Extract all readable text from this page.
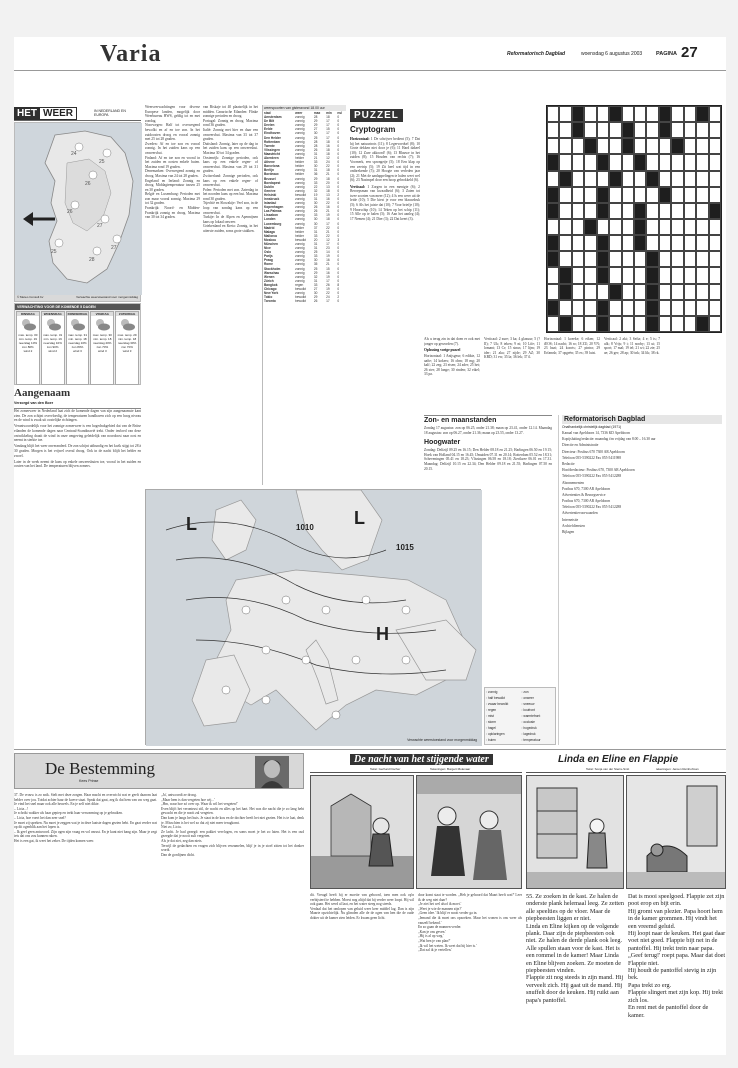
Varia	Reformatorisch Dagblad	woensdag 6 augustus 2003	PAGINA 27
HET WEER	IN NEDERLAND EN EUROPA
24
25
26
26
27
28
27
25
© Meteo Consult bv	Verwachte weerstoestand voor morgenmiddag
VERWACHTING VOOR DE KOMENDE 5 DAGEN
DINSDAG
max. temp. 30
min. temp. 19
neerslag 10%
zon 80%
wind 2
WOENSDAG
max. temp. 31
min. temp. 19
neerslag 10%
zon 90%
wind 2
DONDERDAG
max. temp. 31
min. temp. 18
neerslag 10%
zon 80%
wind 3
VRIJDAG
max. temp. 30
min. temp. 18
neerslag 20%
zon 70%
wind 3
ZATERDAG
max. temp. 29
min. temp. 18
neerslag 30%
zon 70%
wind 3
Aangenaam
Verzorgd van den Boer

Het zomerweer in Nederland laat zich de komende dagen van zijn aangenaamste kant zien. De zon schijnt overvloedig, de temperaturen handhaven zich op een hoog niveau en de wind is zwak uit oostelijke richtingen.

Verantwoordelijk voor het zonnige zomerweer is een hogedrukgebied dat van de Britse eilanden de komende dagen naar Centraal-Scandinavië trekt. Onder invloed van deze ontwikkeling draait de wind in onze omgeving geleidelijk van noordoost naar oost en neemt in sterkte toe.

Vandaag blijft het weer onveranderd. De zon schijnt uitbundig en het kwik stijgt tot 28 à 30 graden. Morgen is het vrijwel overal droog. Ook in de nacht blijft het helder en zwoel.

Later in de week neemt de kans op enkele onweersbuien toe, vooral in het zuiden en oosten van het land. De temperaturen blijven zomers.

Weersverwachtingen voor diverse Europese landen, mogelijk door Weerbureau HWS, geldig tot en met zondag.
Noorwegen: Half tot overwegend bewolkt en af en toe zon. In het zuidoosten droog en vooral zonnig met 25 tot 28 graden.
Zweden: Af en toe zon en vooral zonnig. In het zuiden kans op een onweersbui.
Finland: Af en toe zon en vooral in het zuiden en oosten enkele buien. Maxima rond 19 graden.
Denemarken: Overwegend zonnig en droog. Maxima van 24 tot 28 graden.
Engeland en Ierland: Zonnig en droog. Middagtemperatuur tussen 25 en 30 graden.
België en Luxemburg: Perioden met zon maar vooral zonnig. Maxima 29 tot 32 graden.
Frankrijk: Noord- en Midden-Frankrijk zonnig en droog. Maxima van 30 tot 34 graden.
van Biskaje tot 40 plaatselijk in het midden. Canarische Eilanden: Flinke zonnige perioden en droog.
Portugal: Zonnig en droog. Maxima rond 36 graden.
Italië: Zonnig met hier en daar een onweersbui. Maxima van 33 tot 37 graden.
Duitsland: Zonnig, later op de dag in het zuiden kans op een onweersbui. Maxima 30 tot 34 graden.
Oostenrijk: Zonnige perioden, ook kans op een enkele regen- of onweersbui. Maxima van 29 tot 31 graden.
Zwitserland: Zonnige perioden, ook kans op een enkele regen- of onweersbui.
Polen: Perioden met zon. Zaterdag in het noorden kans op een bui. Maxima rond 30 graden.
Tsjechië en Slowakije: Veel zon, in de loop van zondag kans op een onweersbui.
Turkije: In de Alpen en Apennijnen kans op lokaal onweer.
Griekenland en Kreta: Zonnig, in het uiterste zuiden, soms grote stukken.
weerspoorten van gisteravond 18.00 uur
stad	weer	max	min	nsl
Amsterdam	zonnig	28	18	0
De Bilt	zonnig	29	17	0
Deelen	zonnig	29	17	0
Eelde	zonnig	27	15	0
Eindhoven	zonnig	30	17	0
Den Helder	zonnig	25	17	0
Rotterdam	zonnig	28	18	0
Twente	zonnig	28	16	0
Vlissingen	zonnig	26	18	0
Maastricht	zonnig	31	18	0
Aberdeen	helder	21	12	0
Athene	helder	33	24	0
Barcelona	helder	30	22	0
Berlijn	zonnig	31	18	0
Bordeaux	helder	36	21	0
Brussel	zonnig	29	18	0
Boedapest	zonnig	33	20	0
Dublin	zonnig	22	13	0
Genève	zonnig	32	18	0
Helsinki	bewolkt	19	13	2
Innsbruck	zonnig	31	16	0
Istanbul	zonnig	30	22	0
Kopenhagen	zonnig	26	16	0
Las Palmas	zonnig	26	21	0
Lissabon	zonnig	33	19	0
Londen	zonnig	30	18	0
Luxemburg	zonnig	30	17	0
Madrid	helder	37	22	0
Malaga	helder	31	21	0
Mallorca	helder	33	22	0
Moskou	bewolkt	20	12	3
München	zonnig	31	17	0
Nice	zonnig	31	23	0
Oslo	zonnig	25	14	0
Parijs	zonnig	33	19	0
Praag	zonnig	30	16	0
Rome	zonnig	35	21	0
Stockholm	zonnig	25	15	0
Warschau	zonnig	29	16	0
Wenen	zonnig	32	19	0
Zürich	zonnig	31	17	0
Bangkok	regen	33	26	8
Chicago	bewolkt	27	19	0
New York	zonnig	30	22	0
Tokio	bewolkt	29	24	2
Toronto	bewolkt	26	17	0
L	L
H
1010
1015
Verwachte weerstoestand voor morgenmiddag
◦ zonnig	◦ zon
◦ half bewolkt	◦ onweer
◦ zwaar bewolkt	◦ sneeuw
◦ regen	◦ koufront
◦ mist	◦ warmtefront
◦ storm	◦ occlusie
◦ hagel	◦ hogedruk
◦ opklaringen	◦ lagedruk
◦ buien	◦ temperatuur
PUZZEL
Cryptogram

Horizontaal: 1 De schrijver bedient (5); 7 Dat hij het natuurtrots (11); 8 Legervoedsel (8); 10 Grote dekken niet door je (6); 11 Hard dakeel (10); 12 Zure akkoord! (6); 13 Blauwe in het zuiden (8); 15 Houden van rechts (7); 16 Voornerk, een sprongetje (5); 18 Een klap op een zeetrip (5); 19 Zit heel wat tijd in een ontbrekende (5); 20 Hoogte van verleden jaar (2); 21 Met de aanlappelingen te halen weet wel (6); 23 Nasimpel door een hoop gebrokkeld (6).

Verticaal: 1 Zorgen in een menigte (6); 2 Beroepsman van kwaadheid (6); 3 Zaten tot twee soorten van meer (12); 4 Is een weer uit de leide (10); 5 Die kiest je voor een blauwdruk (5); 6 Als het juiste dat (10); 7 Voor briefje (10); 9 Hoorschip (10); 14 Teken op het schip (11); 15 Alle op te halen (5); 16 Aan het aanleg (4); 17 Nemen (4); 21 Dier (3); 22 Dat keert (3).

Als u terug zin in dat doen er ook met jonger op geworden (7).

Oplossing vorige puzzel

Horizontaal: 1 Anijsgeur; 6 edikte, 12 aafte; 14 kokers; 16 ohm; 18 mg; 20 kalf; 22 zeg; 23 eisen; 24 ader; 25 het; 26 ster; 28 lange; 30 rinden; 32 eikel; 33 pa.

Verticaal: 2 zure; 3 ka; 4 glazuur; 5 (?II); 7 Uk; 8 teken; 9 ni; 10 Life; 11 lomant; 13 Cr; 15 sinus; 17 lijm; 19 ider; 21 aka; 27 zijde; 29 AZ; 30 KBD; 31 ew; 35 la; 36 lek; 37 il.

Horizontaal: 1 koeeke; 6 eiken; 12 iEOS; 14 nacht; 16 ro; 18 ZU; 20 VN; 23 hazi; 24 koorts; 27 pintra; 29 Erfamsh; 37 opgeën; 35 ex; 39 lutsi.

Verticaal: 2 aki; 3 Sefia; 4 e; 5 is; 7 ulk; 8 Vrijs; 9 i; 11 nooby; 13 ui; 15 sport; 17 mal; 19 iel; 21 wi; 22 zie; 25 ae; 26 ger; 28 ap; 30 ink; 34 lik; 38 rk.

Zon- en maanstanden
Zondag 17 augustus: zon op 06.25, onder 21.38; maan op 23.41, onder 12.14. Maandag 18 augustus: zon op 06.27, onder 21.36; maan op 23.55, onder 13.27.
Hoogwater
Zondag: Delfzijl 09.25 en 16.15; Den Helder 08.18 en 21.25; Harlingen 06.50 en 19.15; Hoek van Holland 04.15 en 16.45; IJmuiden 07.31 en 20.14; Rotterdam 05.52 en 18.31; Scheveningen 05.41 en 18.23; Vlissingen 06.58 en 18.18; Zierikzee 06.01 en 17.31. Maandag: Delfzijl 10.15 en 22.34; Den Helder 09.18 en 21.55; Harlingen 07.50 en 20.15.
Reformatorisch Dagblad
Onafhankelijk christelijk dagblad (1971)

Kanaal van Apeldoorn 14, 7336 KD Apeldoorn

Kopijsluiting/redactie: maandag t/m vrijdag van 8.00 – 16.30 uur

Directie en Administratie

Directeur: Postbus 670 7300 AR Apeldoorn

Telefoon 055-5390222 Fax 055-5411988

Redactie

Hoofdredacteur: Postbus 670, 7300 AR Apeldoorn

Telefoon 055-5390222 Fax 055-5412288

Abonnementen

Postbus 670, 7300 AR Apeldoorn

Advertenties & Bezorgservice

Postbus 670, 7300 AR Apeldoorn

Telefoon 055-5390222 Fax 055-5412288

Advertentievoorwaarden

Internetsite

Archiefdiensten

Bijlagen

De Bestemming
Kees Prinse
37. De vrouw is zo snik. Stelt met deze zorgen. Haar macht en overwicht wat er geeft daarom laat helder over jou. Totdat achter haar de koeve staat. Sprak dat gaat, zeg ik dat hem van uw weg gaat. Je vind het snel maar ook alle heuvels. En je zelf niet dikte.
– Licia...!
Je schrikt wakker als haar gepiep en trekt haar verwarming op je gebruiken.
– Licia, hoe voert het dan zeer snel?
Je moet zij spreken. Nu moet je zeggen wat je in deze laatste dagen gezien hebt. En gaat verder wat op dit ogenblik aan het lopen is.
– Ik geef geen antwoord. Zijn ogen zijn vraag en vol onrust. En je kunt niet bang zijn. Maar je zegt iets dat ons zou kunnen raken.
Het is een gat, ik weet het zeker. De tijden komen weer.
„Ja', antwoordt ze droog.
„Maar hem is dan vergeten hoe wij...'
„Hm, waar hoe zó over op. Waar ik wil het vergeten!'
Even blijft het verontrust stil, de wacht en alles op het hart. Het was die nacht die je zo lang hebt gewacht en die je nooit zal vergeten.
Dan kom je langs het huis. Je staat in de kou en de dochter heeft het niet gezien. Het is te laat, denk je. Misschien is het wel zo dat zij niet meer terugkomt.
Niet zo, Licia.
Ze lacht. Je had gezegd: een pakket vervlogen, en soms moet je het zo laten. Het is een oud gezegde dat je nooit zult vergeten.
Als je dat ziet, zeg dan niets.
Terwijl de gedachten en vragen zich blijven verzamelen, blijf je in je stoel zitten tot het donker wordt.
Dan de gordijnen dicht.
De nacht van het stijgende water
Tekst: Gerhard Fischer	Tekeningen: Burgert Molenaar
dit. Vreugd heeft hij er moeite van gehoord, toen men ook op'n verbijsterd te hebben. Moest nog altijd dat hij verder weer loopt. Hij wil ook gaan. Het werd al laat, en het water steeg nog steeds.
Verdaal dat het omlopen van geluid weer keer middel lag. Dan is zijn Maarte opzichtelijk. Nu glimden alle de de ogen van hen die de oude dokter uit de kamer zien leiden. Er kwam geen licht.
door komt staat te worden. „Heb je gehoord dat Maart heeft wat?' Leer ik de weg niet daar?
„Je ziet het wel alsof ik moet.'
„Weet je wie de mannen zijn?'
„Geen idee.' Ik blijf er nooit verder ga in.
„Iemand die ik moet ons opzoeken. Maar het wonen is ons weer als vanzelf bekend.'
En zo gaan de mannen verder.
„Kan je ons geven.'
„Hij is al op weg.'
„Wat ben je van plan?'
„Ik wil het weten. Ik weet dat hij hier is.'
„Dat zal ik je vertellen.'
Linda en Eline en Flappie
Tekst: Sonja van der Sterre-Smit	tekeningen: Jeroen Reinhofman
55. Ze zoeken in de kast. Ze halen de onderste plank helemaal leeg. Ze zetten alle speelties op de vloer. Maar de piepbeesten liggen er niet.
Linda en Eline kijken op de volgende plank. Daar zijn de piepbeesten ook niet. Ze halen de derde plank ook leeg. Alle spullen staan voor de kast. Het is een rommel in de kamer! Maar Linda en Eline blijven zoeken. Ze moeten de piepbeesten vinden.
Flappie zit nog steeds in zijn mand. Hij verveelt zich. Hij gaat uit de mand. Hij snuffelt door de keuken. Hij ruikt aan papa's pantoffel.
Dat is mooi speelgoed. Flappie zet zijn poot erop en bijt erin.
Hij gromt van plezier. Papa hoort hem in de kamer grommen. Hij vindt het een vreemd geluid.
Hij loopt naar de keuken. Het gaat daar voet niet goed. Flappie bijt net in de pantoffel. Hij trekt trein naar papa. „Geef terug!' roept papa. Maar dat doet Flappie niet.
Hij houdt de pantoffel stevig in zijn bek.
Papa trekt zo erg.
Flappie slingert met zijn kop. Hij trekt zich los.
En rent met de pantoffel door de kamer.
